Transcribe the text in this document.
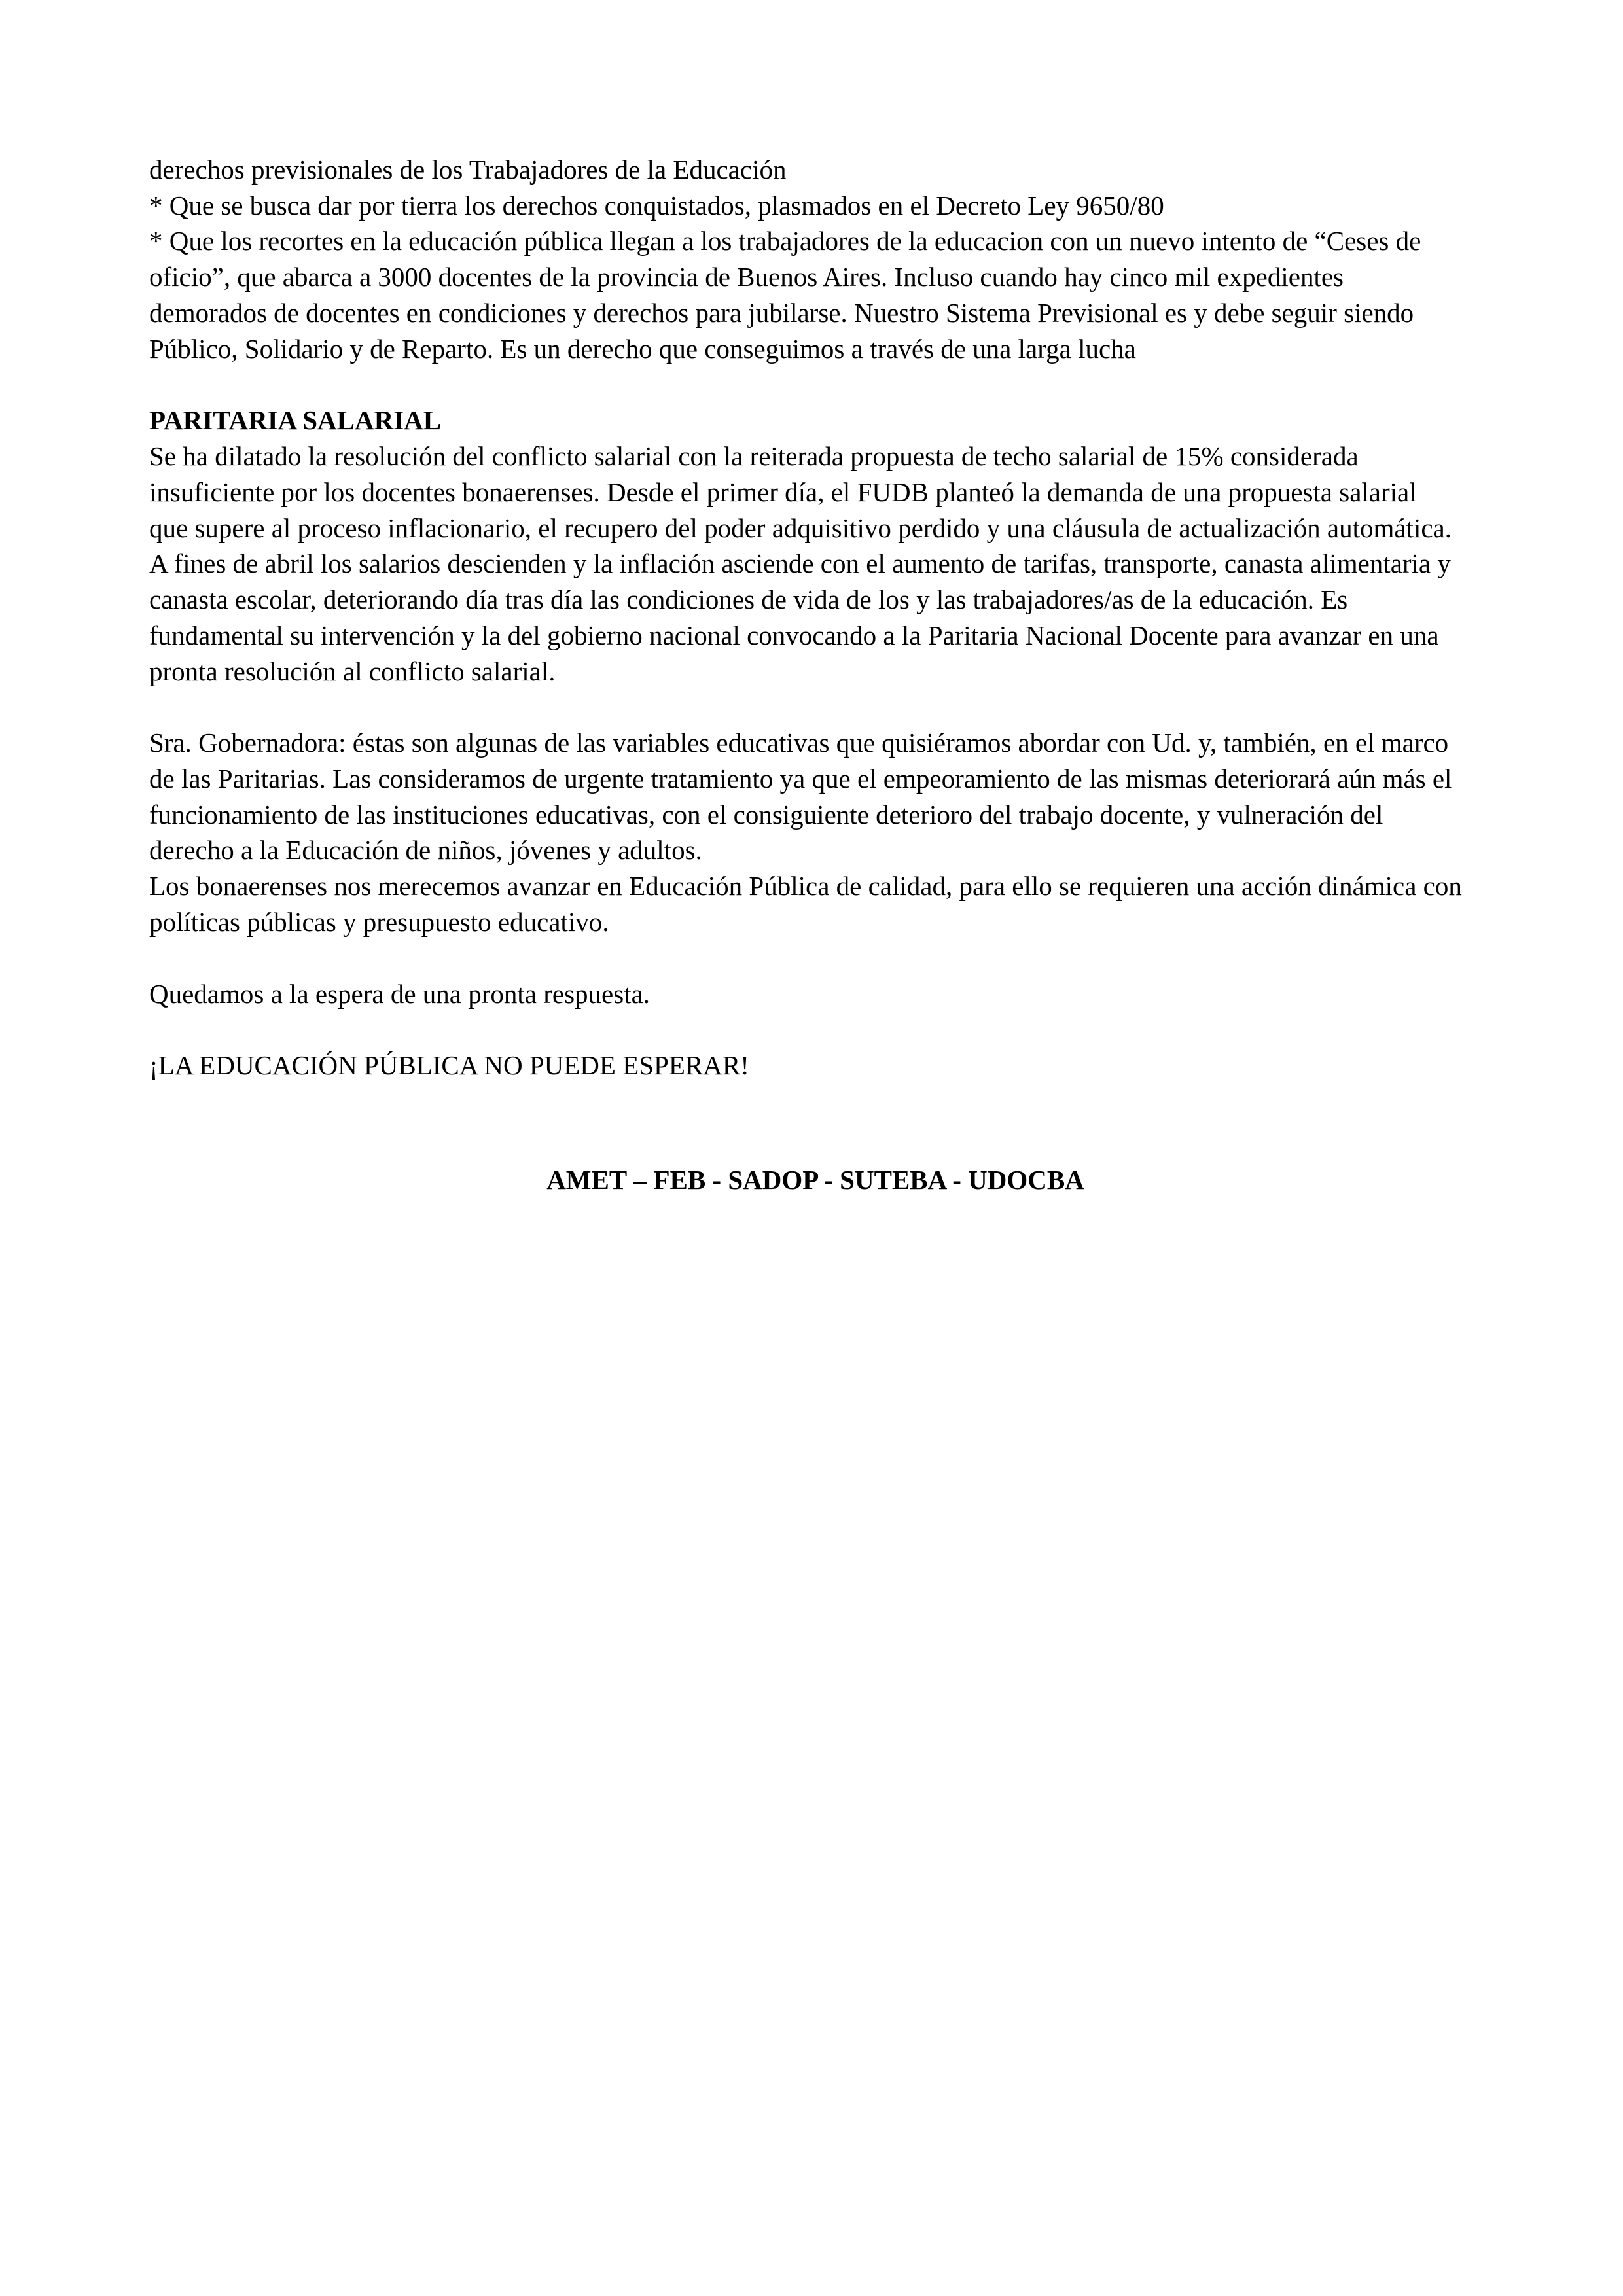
derechos previsionales de los Trabajadores de la Educación

* Que se busca dar por tierra los derechos conquistados, plasmados en el Decreto Ley 9650/80

* Que los recortes en la educación pública llegan a los trabajadores de la educacion con un nuevo intento de “Ceses de oficio”, que abarca a 3000 docentes de la provincia de Buenos Aires. Incluso cuando hay cinco mil expedientes demorados de docentes en condiciones y derechos para jubilarse. Nuestro Sistema Previsional es y debe seguir siendo Público, Solidario y de Reparto. Es un derecho que conseguimos a través de una larga lucha

PARITARIA SALARIAL

Se ha dilatado la resolución del conflicto salarial con la reiterada propuesta de techo salarial de 15% considerada insuficiente por los docentes bonaerenses. Desde el primer día, el FUDB planteó la demanda de una propuesta salarial que supere al proceso inflacionario, el recupero del poder adquisitivo perdido y una cláusula de actualización automática. A fines de abril los salarios descienden y la inflación asciende con el aumento de tarifas, transporte, canasta alimentaria y canasta escolar, deteriorando día tras día las condiciones de vida de los y las trabajadores/as de la educación. Es fundamental su intervención y la del gobierno nacional convocando a la Paritaria Nacional Docente para avanzar en una pronta resolución al conflicto salarial.

Sra. Gobernadora: éstas son algunas de las variables educativas que quisiéramos abordar con Ud. y, también, en el marco de las Paritarias. Las consideramos de urgente tratamiento ya que el empeoramiento de las mismas deteriorará aún más el funcionamiento de las instituciones educativas, con el consiguiente deterioro del trabajo docente, y vulneración del derecho a la Educación de niños, jóvenes y adultos.

Los bonaerenses nos merecemos avanzar en Educación Pública de calidad, para ello se requieren una acción dinámica con políticas públicas y presupuesto educativo.

Quedamos a la espera de una pronta respuesta.

¡LA EDUCACIÓN PÚBLICA NO PUEDE ESPERAR!

AMET – FEB - SADOP - SUTEBA - UDOCBA
